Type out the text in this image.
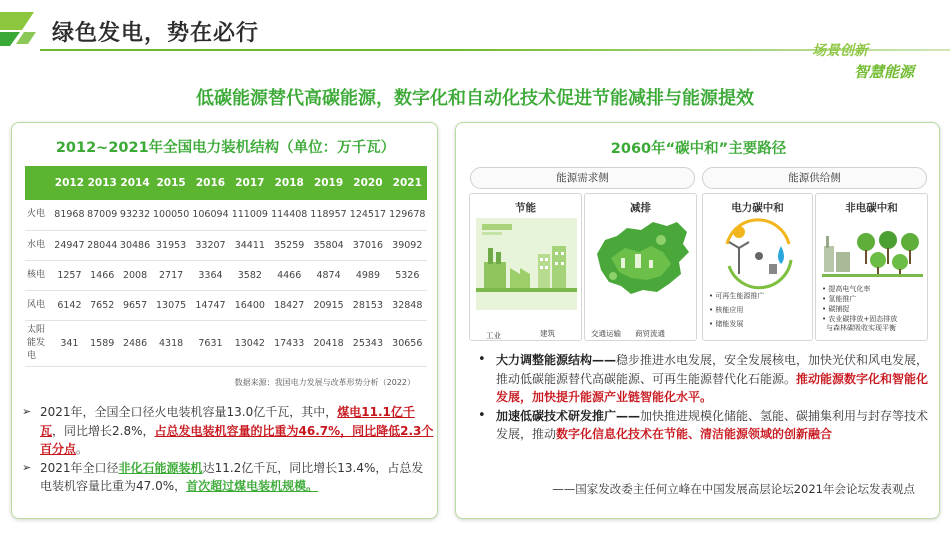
绿色发电，势在必行
场景创新
智慧能源
低碳能源替代高碳能源，数字化和自动化技术促进节能减排与能源提效
2012~2021年全国电力装机结构（单位：万千瓦）
	2012	2013	2014	2015	2016	2017	2018	2019	2020	2021
火电	81968	87009	93232	100050	106094	111009	114408	118957	124517	129678
水电	24947	28044	30486	31953	33207	34411	35259	35804	37016	39092
核电	1257	1466	2008	2717	3364	3582	4466	4874	4989	5326
风电	6142	7652	9657	13075	14747	16400	18427	20915	28153	32848
太阳能发电	341	1589	2486	4318	7631	13042	17433	20418	25343	30656
数据来源：我国电力发展与改革形势分析（2022）
➢ 2021年，全国全口径火电装机容量13.0亿千瓦，其中，煤电11.1亿千瓦，同比增长2.8%，占总发电装机容量的比重为46.7%，同比降低2.3个百分点。
➢ 2021年全口径非化石能源装机达11.2亿千瓦，同比增长13.4%，占总发电装机容量比重为47.0%，首次超过煤电装机规模。
2060年“碳中和”主要路径
能源需求侧	能源供给侧
节能
工业	建筑
减排
交通运输 商贸流通
电力碳中和
• 可再生能源推广
• 核能应用
• 储能发展
非电碳中和
• 提高电气化率
• 氢能推广
• 碳捕捉
• 农业碳排放+固态排放
与森林碳吸收实现平衡
• 大力调整能源结构——稳步推进水电发展，安全发展核电，加快光伏和风电发展，推动低碳能源替代高碳能源、可再生能源替代化石能源。推动能源数字化和智能化发展，加快提升能源产业链智能化水平。
• 加速低碳技术研发推广——加快推进规模化储能、氢能、碳捕集利用与封存等技术发展，推动数字化信息化技术在节能、清洁能源领域的创新融合
——国家发改委主任何立峰在中国发展高层论坛2021年会论坛发表观点
